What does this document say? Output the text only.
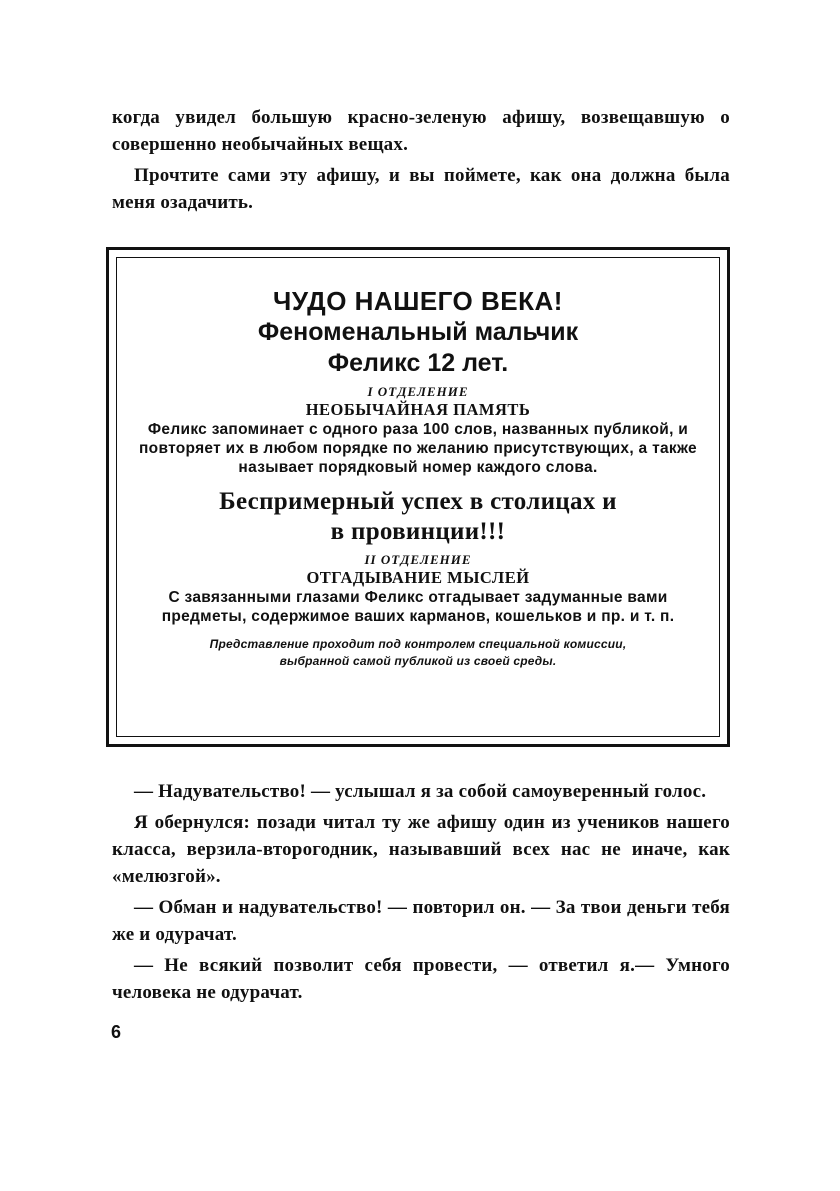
когда увидел большую красно-зеленую афишу, возвещавшую о совершенно необычайных вещах.

Прочтите сами эту афишу, и вы поймете, как она должна была меня озадачить.

ЧУДО НАШЕГО ВЕКА!
Феноменальный мальчик
Феликс 12 лет.
I ОТДЕЛЕНИЕ
НЕОБЫЧАЙНАЯ ПАМЯТЬ
Феликс запоминает с одного раза 100 слов, названных публикой, и повторяет их в любом порядке по желанию присутствующих, а также называет порядковый номер каждого слова.
Беспримерный успех в столицах и
в провинции!!!
II ОТДЕЛЕНИЕ
ОТГАДЫВАНИЕ МЫСЛЕЙ
С завязанными глазами Феликс отгадывает задуманные вами предметы, содержимое ваших карманов, кошельков и пр. и т. п.
Представление проходит под контролем специальной комиссии,
выбранной самой публикой из своей среды.

— Надувательство! — услышал я за собой самоуверенный голос.

Я обернулся: позади читал ту же афишу один из учеников нашего класса, верзила-второгодник, называвший всех нас не иначе, как «мелюзгой».

— Обман и надувательство! — повторил он. — За твои деньги тебя же и одурачат.

— Не всякий позволит себя провести, — ответил я.— Умного человека не одурачат.

6
